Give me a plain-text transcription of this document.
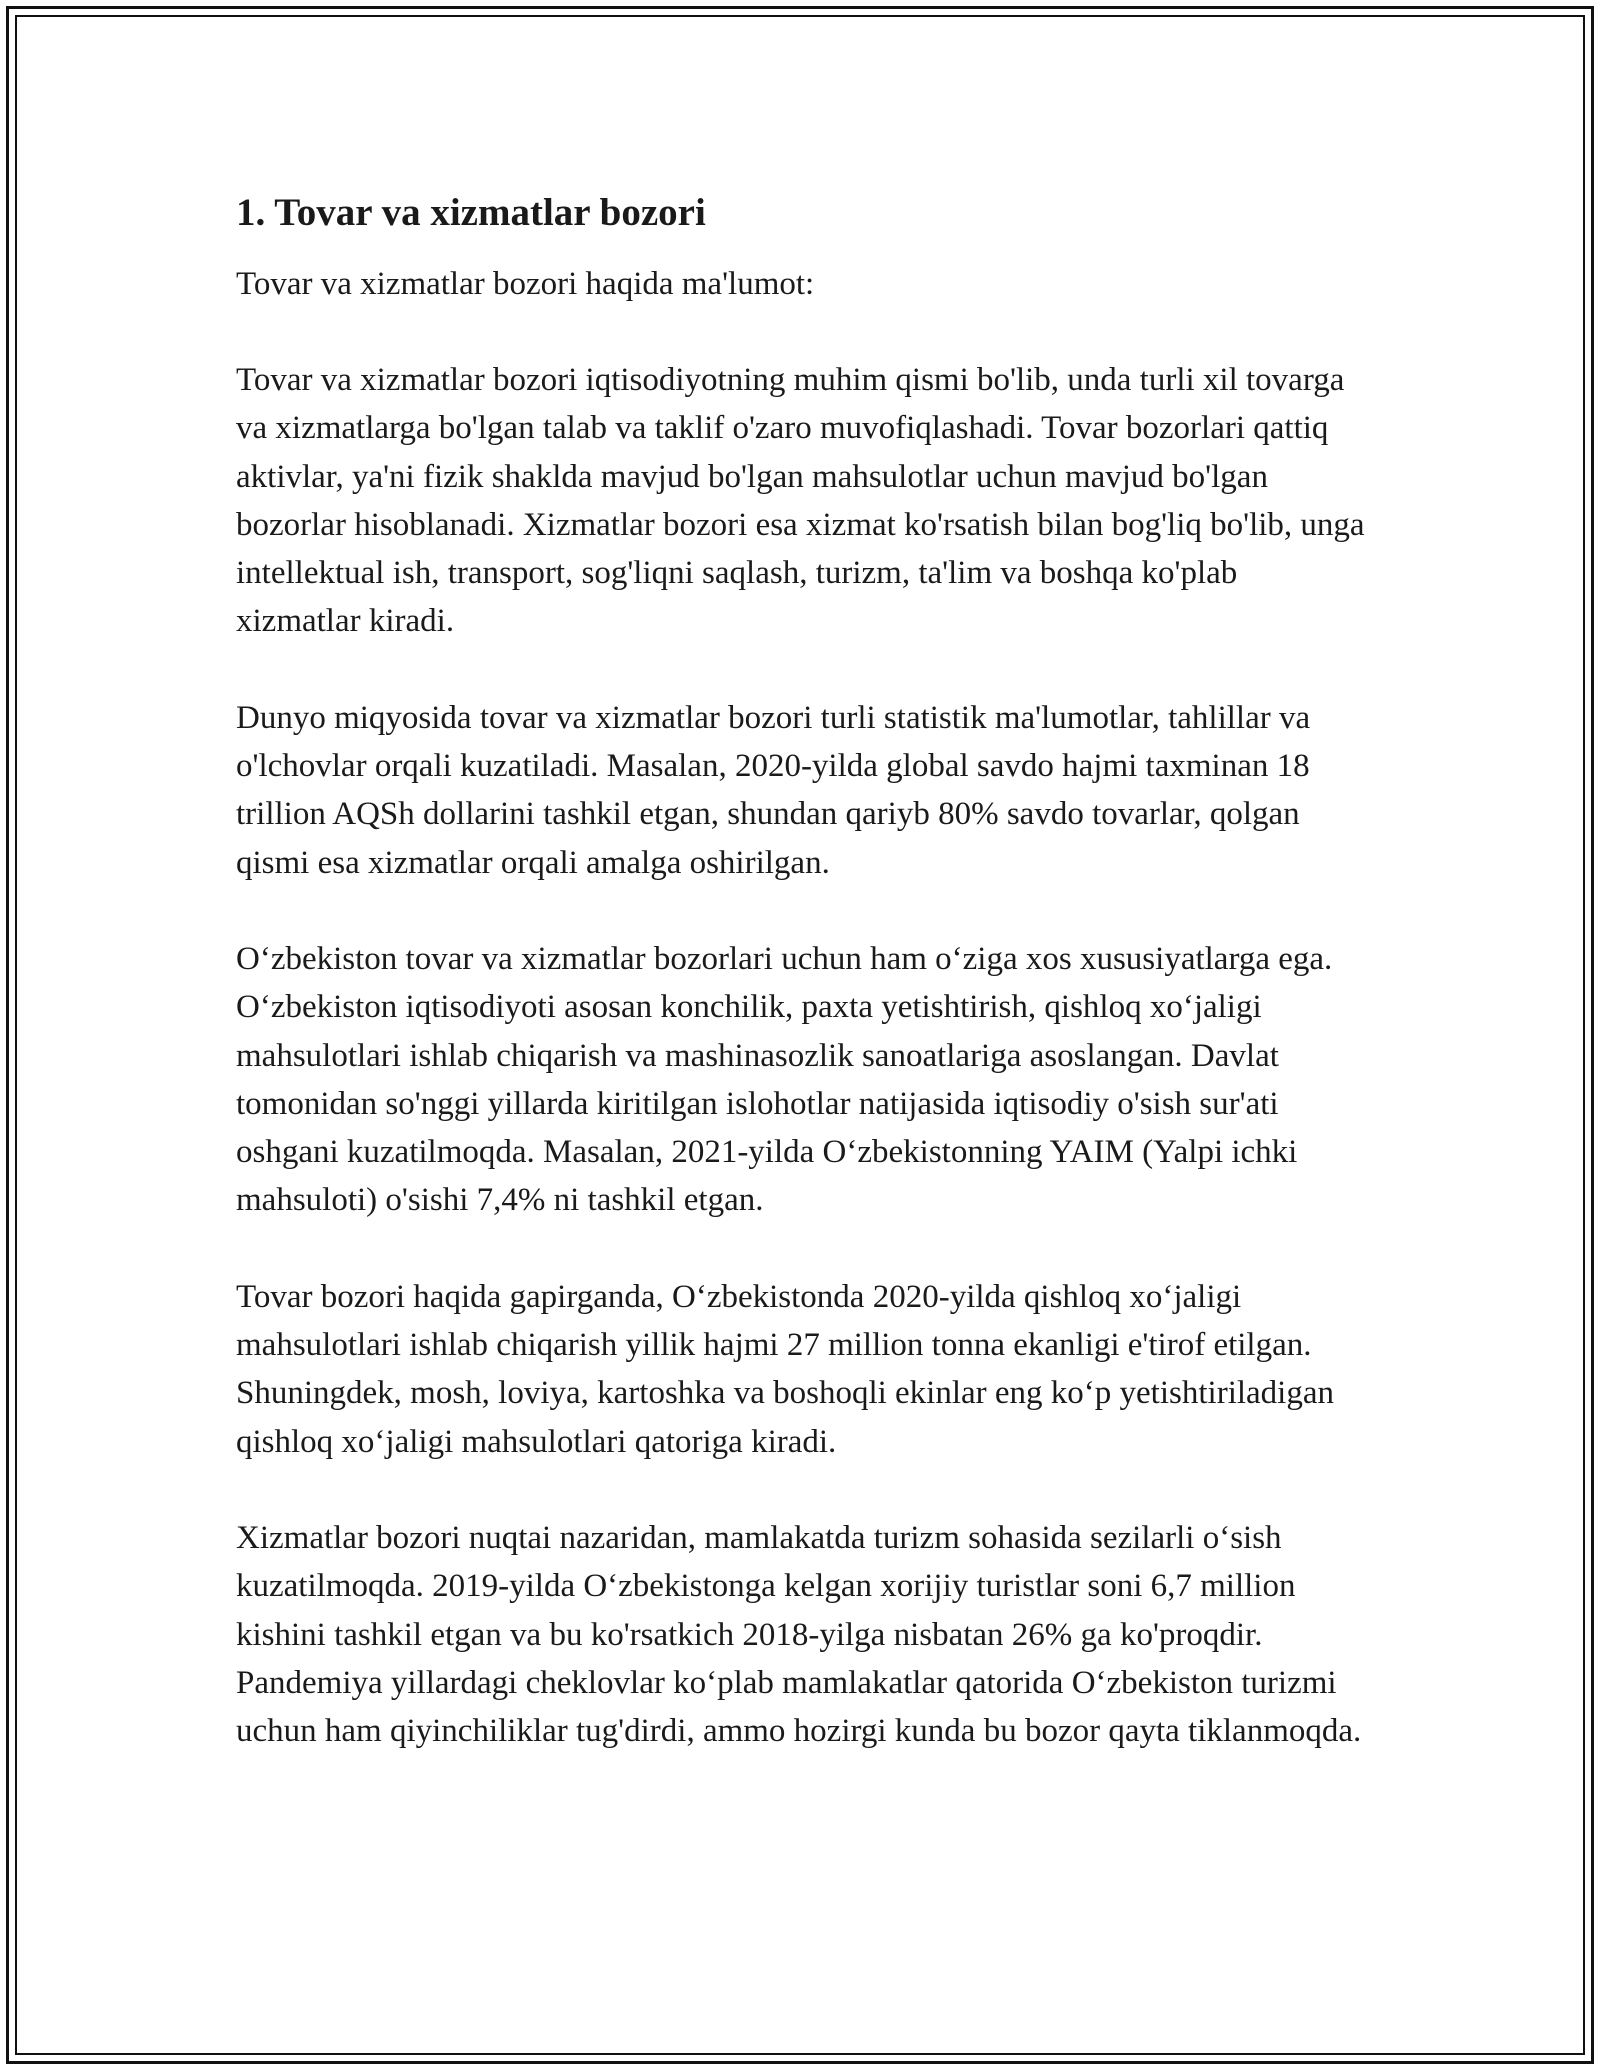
1. Tovar va xizmatlar bozori

Tovar va xizmatlar bozori haqida ma'lumot:

Tovar va xizmatlar bozori iqtisodiyotning muhim qismi bo'lib, unda turli xil tovarga va xizmatlarga bo'lgan talab va taklif o'zaro muvofiqlashadi. Tovar bozorlari qattiq aktivlar, ya'ni fizik shaklda mavjud bo'lgan mahsulotlar uchun mavjud bo'lgan bozorlar hisoblanadi. Xizmatlar bozori esa xizmat ko'rsatish bilan bog'liq bo'lib, unga intellektual ish, transport, sog'liqni saqlash, turizm, ta'lim va boshqa ko'plab xizmatlar kiradi.

Dunyo miqyosida tovar va xizmatlar bozori turli statistik ma'lumotlar, tahlillar va o'lchovlar orqali kuzatiladi. Masalan, 2020-yilda global savdo hajmi taxminan 18 trillion AQSh dollarini tashkil etgan, shundan qariyb 80% savdo tovarlar, qolgan qismi esa xizmatlar orqali amalga oshirilgan.

O‘zbekiston tovar va xizmatlar bozorlari uchun ham o‘ziga xos xususiyatlarga ega. O‘zbekiston iqtisodiyoti asosan konchilik, paxta yetishtirish, qishloq xo‘jaligi mahsulotlari ishlab chiqarish va mashinasozlik sanoatlariga asoslangan. Davlat tomonidan so'nggi yillarda kiritilgan islohotlar natijasida iqtisodiy o'sish sur'ati oshgani kuzatilmoqda. Masalan, 2021-yilda O‘zbekistonning YAIM (Yalpi ichki mahsuloti) o'sishi 7,4% ni tashkil etgan.

Tovar bozori haqida gapirganda, O‘zbekistonda 2020-yilda qishloq xo‘jaligi mahsulotlari ishlab chiqarish yillik hajmi 27 million tonna ekanligi e'tirof etilgan. Shuningdek, mosh, loviya, kartoshka va boshoqli ekinlar eng ko‘p yetishtiriladigan qishloq xo‘jaligi mahsulotlari qatoriga kiradi.

Xizmatlar bozori nuqtai nazaridan, mamlakatda turizm sohasida sezilarli o‘sish kuzatilmoqda. 2019-yilda O‘zbekistonga kelgan xorijiy turistlar soni 6,7 million kishini tashkil etgan va bu ko'rsatkich 2018-yilga nisbatan 26% ga ko'proqdir. Pandemiya yillardagi cheklovlar ko‘plab mamlakatlar qatorida O‘zbekiston turizmi uchun ham qiyinchiliklar tug'dirdi, ammo hozirgi kunda bu bozor qayta tiklanmoqda.
